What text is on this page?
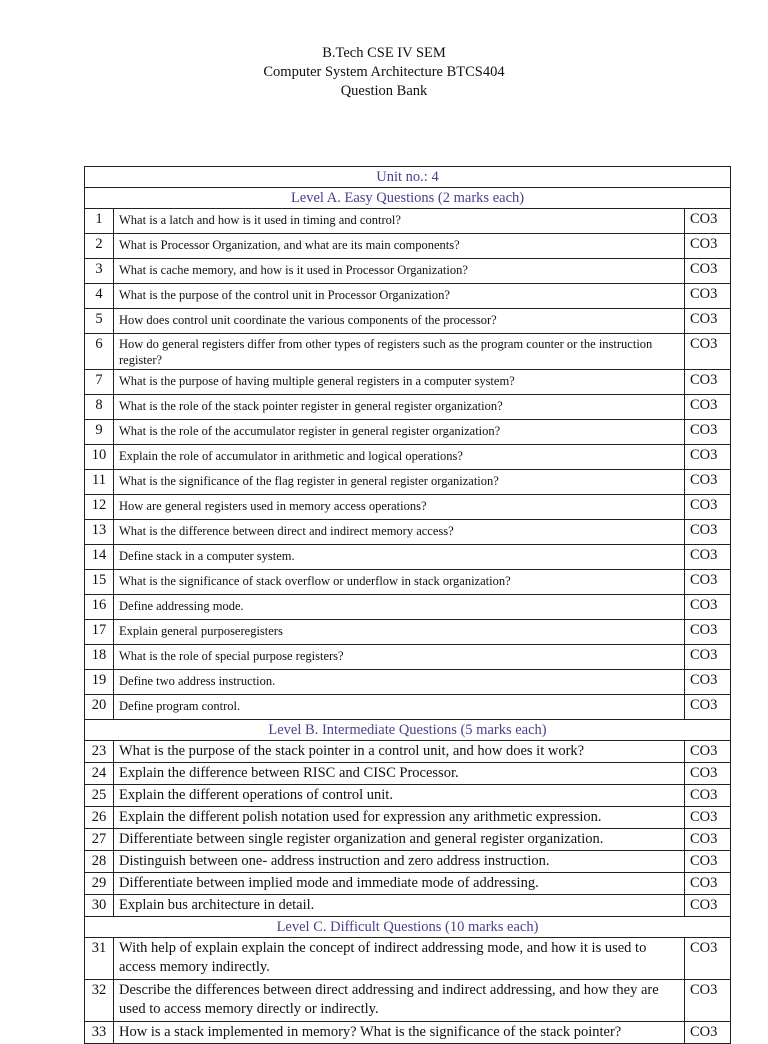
B.Tech CSE IV SEM
Computer System Architecture BTCS404
Question Bank
Unit no.: 4		
Level A. Easy Questions (2 marks each)		
1	What is a latch and how is it used in timing and control?	CO3
2	What is Processor Organization, and what are its main components?	CO3
3	What is cache memory, and how is it used in Processor Organization?	CO3
4	What is the purpose of the control unit in Processor Organization?	CO3
5	How does control unit coordinate the various components of the processor?	CO3
6	How do general registers differ from other types of registers such as the program counter or the instruction register?	CO3
7	What is the purpose of having multiple general registers in a computer system?	CO3
8	What is the role of the stack pointer register in general register organization?	CO3
9	What is the role of the accumulator register in general register organization?	CO3
10	Explain the role of accumulator in arithmetic and logical operations?	CO3
11	What is the significance of the flag register in general register organization?	CO3
12	How are general registers used in memory access operations?	CO3
13	What is the difference between direct and indirect memory access?	CO3
14	Define stack in a computer system.	CO3
15	What is the significance of stack overflow or underflow in stack organization?	CO3
16	Define addressing mode.	CO3
17	Explain general purposeregisters	CO3
18	What is the role of special purpose registers?	CO3
19	Define two address instruction.	CO3
20	Define program control.	CO3
Level B. Intermediate Questions (5 marks each)		
23	What is the purpose of the stack pointer in a control unit, and how does it work?	CO3
24	Explain the difference between RISC and CISC Processor.	CO3
25	Explain the different operations of control unit.	CO3
26	Explain the different polish notation used for expression any arithmetic expression.	CO3
27	Differentiate between single register organization and general register organization.	CO3
28	Distinguish between one- address instruction and zero address instruction.	CO3
29	Differentiate between implied mode and immediate mode of addressing.	CO3
30	Explain bus architecture in detail.	CO3
Level C. Difficult Questions (10 marks each)		
31	With help of explain explain the concept of indirect addressing mode, and how it is used to access memory indirectly.	CO3
32	Describe the differences between direct addressing and indirect addressing, and how they are used to access memory directly or indirectly.	CO3
33	How is a stack implemented in memory? What is the significance of the stack pointer?	CO3
